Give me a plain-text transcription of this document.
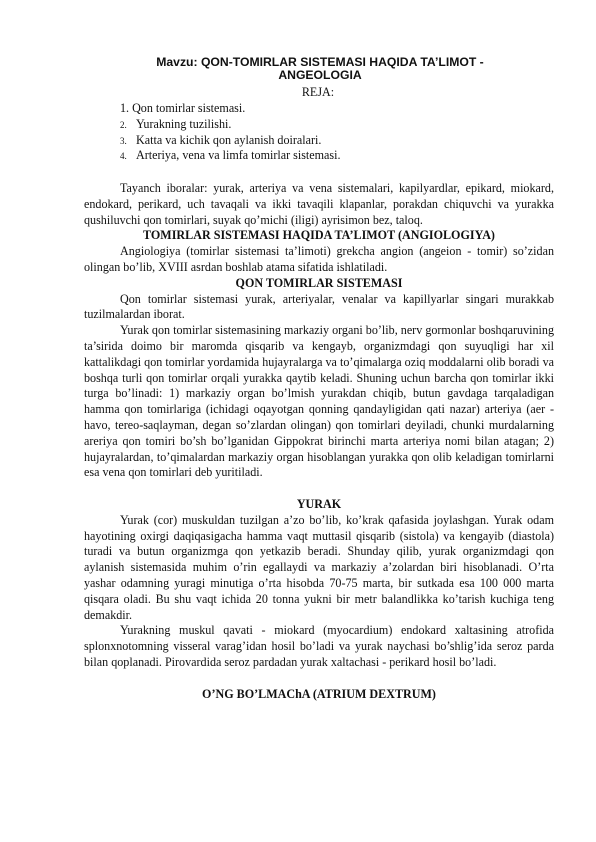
Mavzu: QON-TOMIRLAR SISTEMASI HAQIDA TA’LIMOT -
ANGEOLOGIA
REJA:
1. Qon tomirlar sistemasi.
2. Yurakning tuzilishi.
3. Katta va kichik qon aylanish doiralari.
4. Arteriya, vena va limfa tomirlar sistemasi.

Tayanch iboralar: yurak, arteriya va vena sistemalari, kapilyardlar, epikard, miokard, endokard, perikard, uch tavaqali va ikki tavaqili klapanlar, porakdan chiquvchi va yurakka qushiluvchi qon tomirlari, suyak qo’michi (iligi) ayrisimon bez, taloq.

TOMIRLAR SISTEMASI HAQIDA TA’LIMOT (ANGIOLOGIYA)

Angiologiya (tomirlar sistemasi ta’limoti) grekcha angion (angeion - tomir) so’zidan olingan bo’lib, XVIII asrdan boshlab atama sifatida ishlatiladi.

QON TOMIRLAR SISTEMASI

Qon tomirlar sistemasi yurak, arteriyalar, venalar va kapillyarlar singari murakkab tuzilmalardan iborat.

Yurak qon tomirlar sistemasining markaziy organi bo’lib, nerv gormonlar boshqaruvining ta’sirida doimo bir maromda qisqarib va kengayb, organizmdagi qon suyuqligi har xil kattalikdagi qon tomirlar yordamida hujayralarga va to’qimalarga oziq moddalarni olib boradi va boshqa turli qon tomirlar orqali yurakka qaytib keladi. Shuning uchun barcha qon tomirlar ikki turga bo’linadi: 1) markaziy organ bo’lmish yurakdan chiqib, butun gavdaga tarqaladigan hamma qon tomirlariga (ichidagi oqayotgan qonning qandayligidan qati nazar) arteriya (aer -havo, tereo-saqlayman, degan so’zlardan olingan) qon tomirlari deyiladi, chunki murdalarning areriya qon tomiri bo’sh bo’lganidan Gippokrat birinchi marta arteriya nomi bilan atagan; 2) hujayralardan, to’qimalardan markaziy organ hisoblangan yurakka qon olib keladigan tomirlarni esa vena qon tomirlari deb yuritiladi.

YURAK

Yurak (cor) muskuldan tuzilgan a’zo bo’lib, ko’krak qafasida joylashgan. Yurak odam hayotining oxirgi daqiqasigacha hamma vaqt muttasil qisqarib (sistola) va kengayib (diastola) turadi va butun organizmga qon yetkazib beradi. Shunday qilib, yurak organizmdagi qon aylanish sistemasida muhim o’rin egallaydi va markaziy a’zolardan biri hisoblanadi. O’rta yashar odamning yuragi minutiga o’rta hisobda 70-75 marta, bir sutkada esa 100 000 marta qisqara oladi. Bu shu vaqt ichida 20 tonna yukni bir metr balandlikka ko’tarish kuchiga teng demakdir.

Yurakning muskul qavati - miokard (myocardium) endokard xaltasining atrofida splonxnotomning visseral varag’idan hosil bo’ladi va yurak naychasi bo’shlig’ida seroz parda bilan qoplanadi. Pirovardida seroz pardadan yurak xaltachasi - perikard hosil bo’ladi.

O’NG BO’LMAChA (ATRIUM DEXTRUM)
